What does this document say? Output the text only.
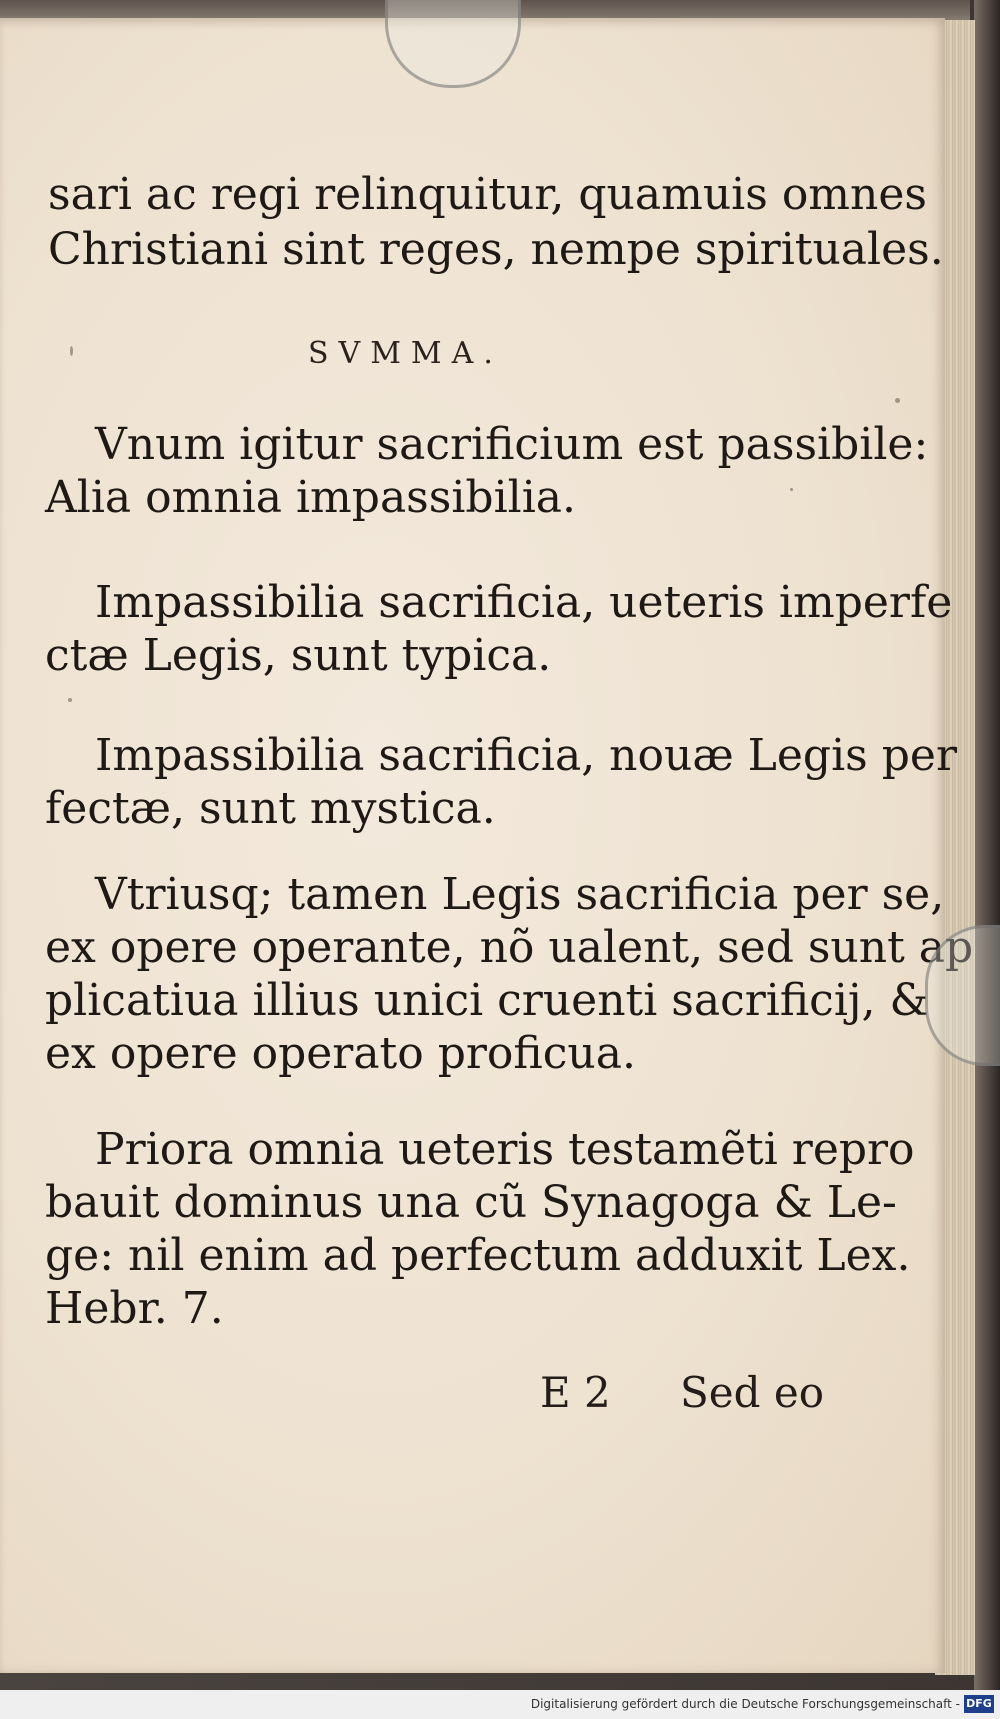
sari ac regi relinquitur, quamuis omnes
Christiani sint reges, nempe spirituales.
SVMMA.
Vnum igitur sacrificium est passibile:
Alia omnia impassibilia.
Impassibilia sacrificia, ueteris imperfe
ctæ Legis, sunt typica.
Impassibilia sacrificia, nouæ Legis per
fectæ, sunt mystica.
Vtriusq; tamen Legis sacrificia per se,
ex opere operante, nõ ualent, sed sunt ap
plicatiua illius unici cruenti sacrificij, &
ex opere operato proficua.
Priora omnia ueteris testamẽti repro
bauit dominus una cũ Synagoga & Le-
ge: nil enim ad perfectum adduxit Lex.
Hebr. 7.
E 2 Sed eo
Digitalisierung gefördert durch die Deutsche Forschungsgemeinschaft - DFG
